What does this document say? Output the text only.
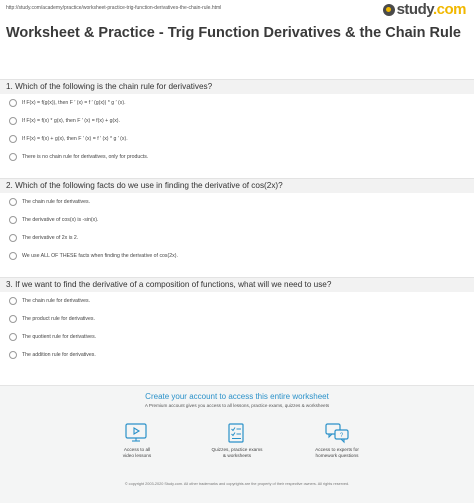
http://study.com/academy/practice/worksheet-practice-trig-function-derivatives-the-chain-rule.html	study.com
Worksheet & Practice - Trig Function Derivatives & the Chain Rule
1. Which of the following is the chain rule for derivatives?
If F(x) = f(g(x)), then F ′ (x) = f ′ (g(x)) * g ′ (x).
If F(x) = f(x) * g(x), then F ′ (x) = f(x) + g(x).
If F(x) = f(x) + g(x), then F ′ (x) = f ′ (x) * g ′ (x).
There is no chain rule for derivatives, only for products.
2. Which of the following facts do we use in finding the derivative of cos(2x)?
The chain rule for derivatives.
The derivative of cos(x) is -sin(x).
The derivative of 2x is 2.
We use ALL OF THESE facts when finding the derivative of cos(2x).
3. If we want to find the derivative of a composition of functions, what will we need to use?
The chain rule for derivatives.
The product rule for derivatives.
The quotient rule for derivatives.
The addition rule for derivatives.
Create your account to access this entire worksheet
A Premium account gives you access to all lessons, practice exams, quizzes & worksheets
Access to all
video lessons
Quizzes, practice exams
& worksheets
?
Access to experts for
homework questions
© copyright 2003-2020 Study.com. All other trademarks and copyrights are the property of their respective owners. All rights reserved.
